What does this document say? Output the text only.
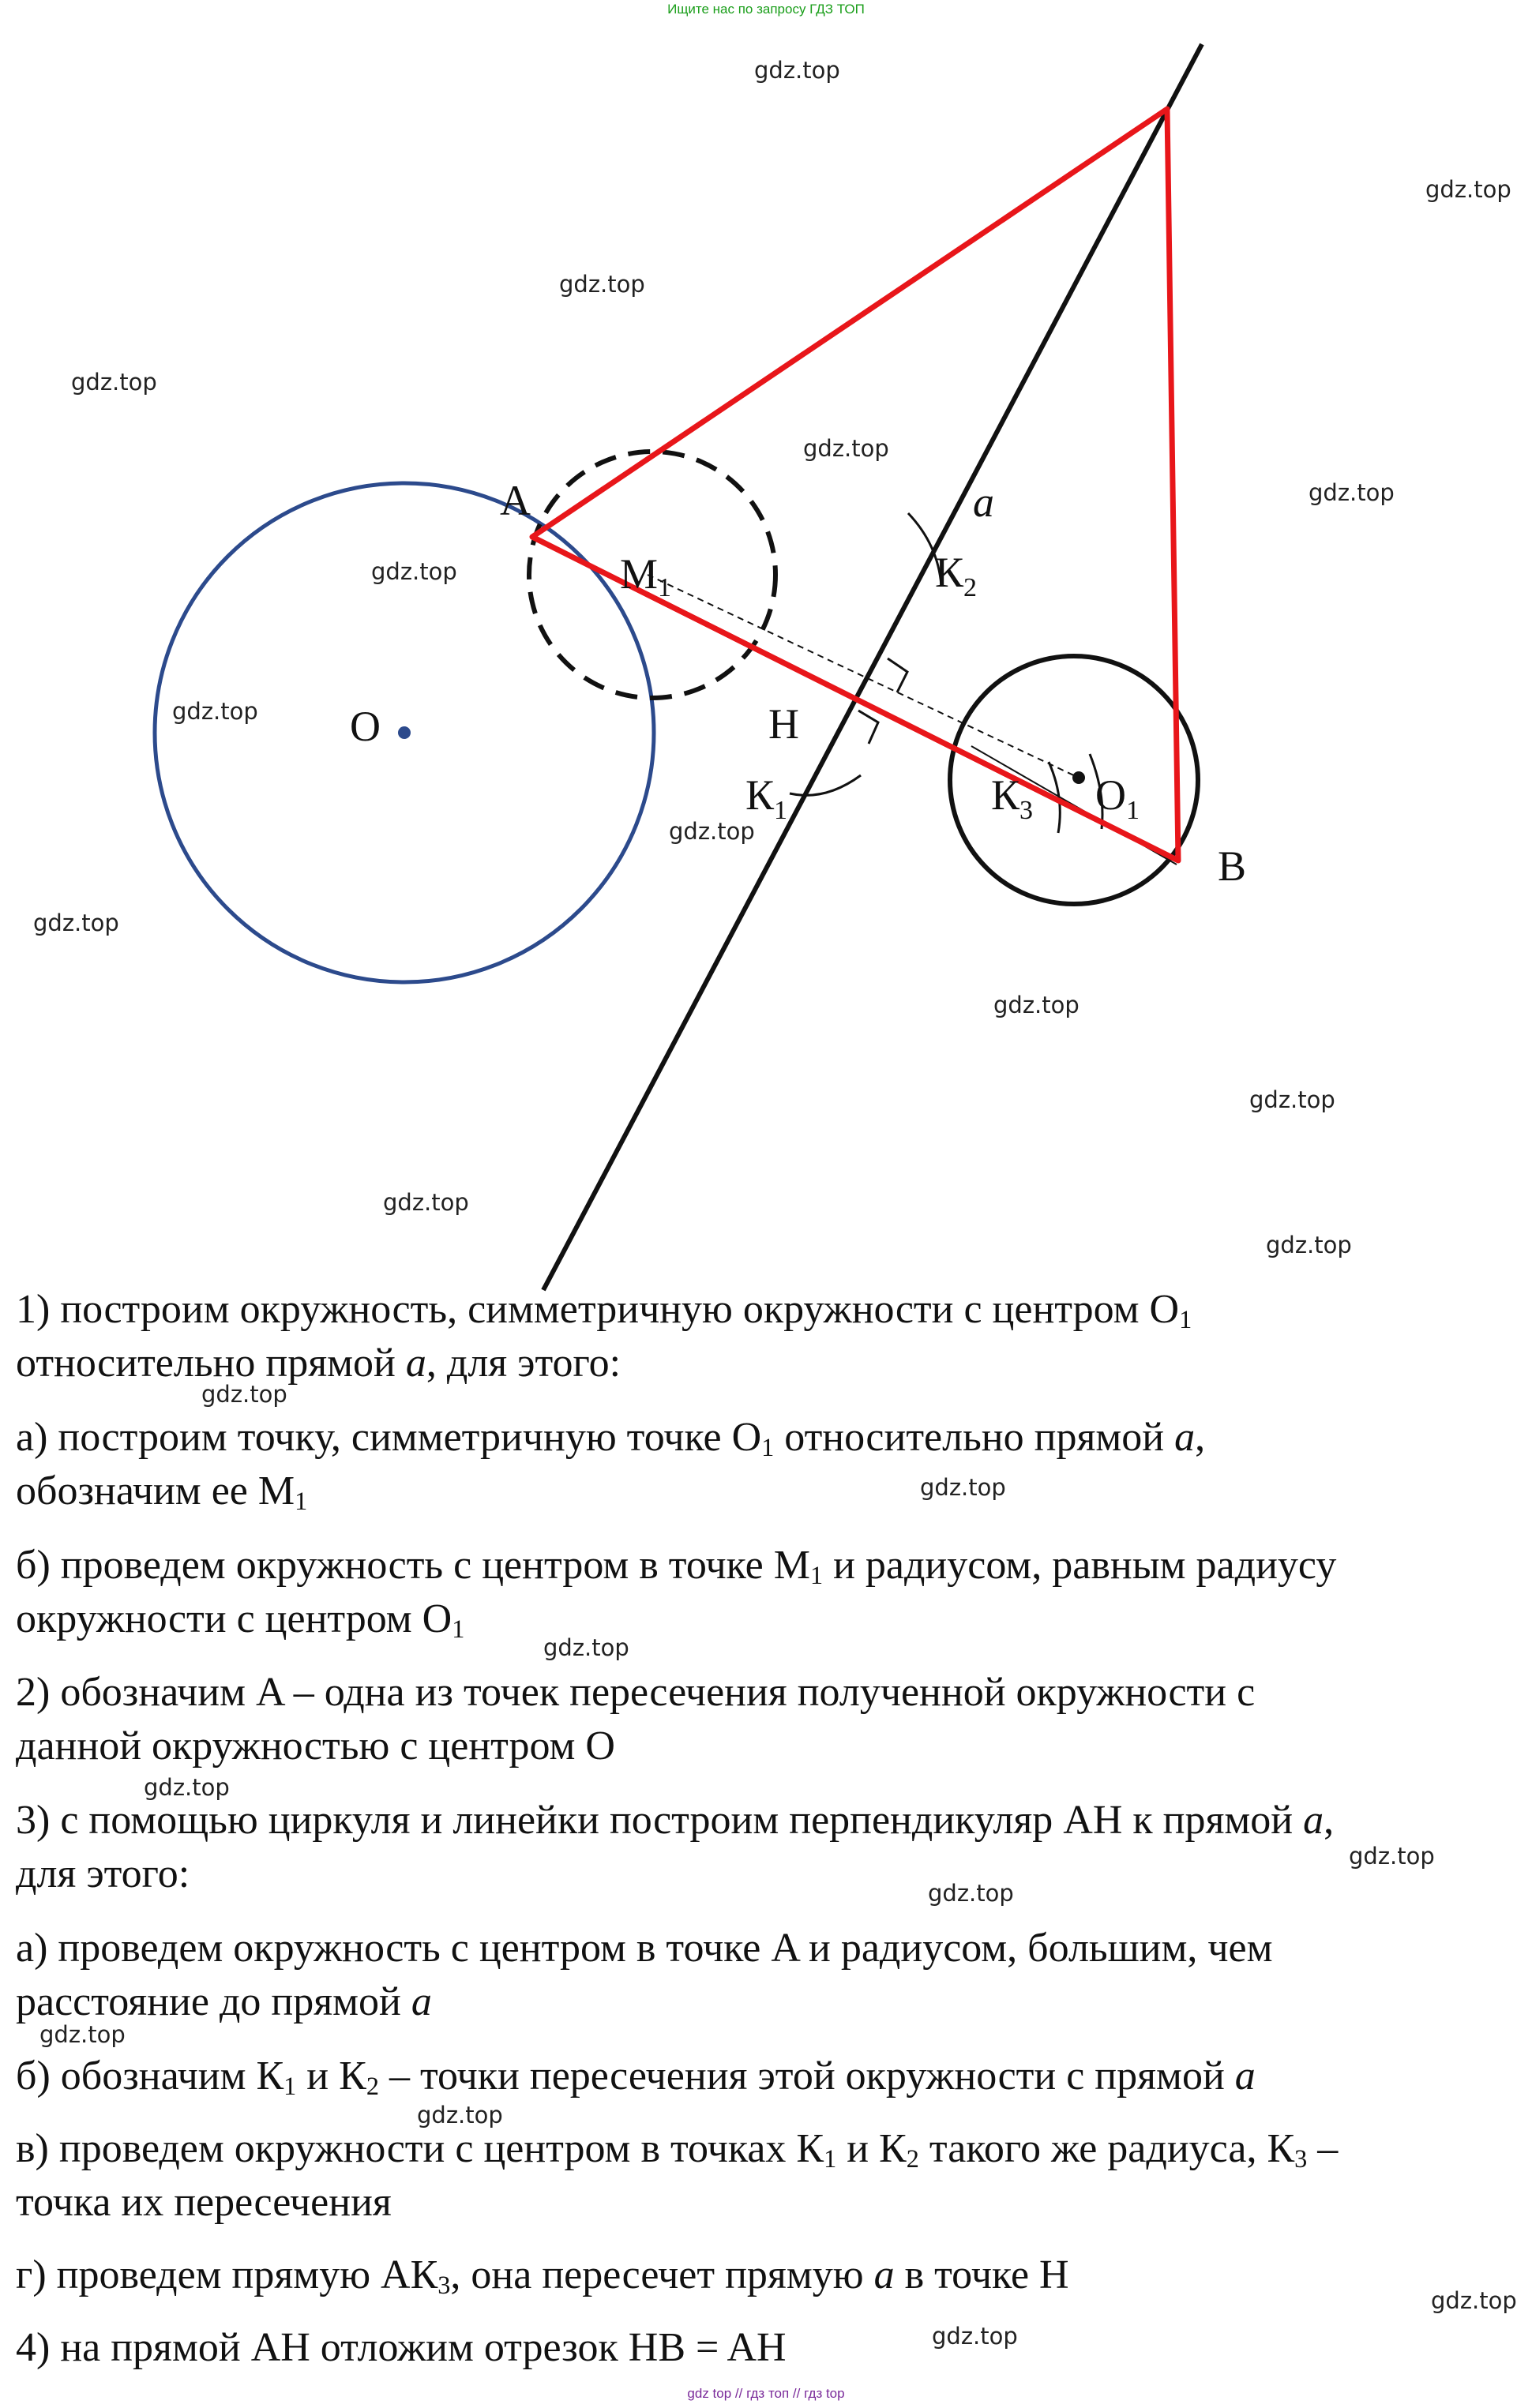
Ищите нас по запросу ГДЗ ТОП
A
M1
a
$К_2$
O	H
$К_1$	$К_3$ $O_1$
B
gdz.top
gdz.top
gdz.top
gdz.top
gdz.top
gdz.top
gdz.top
gdz.top
gdz.top
gdz.top
gdz.top
gdz.top
gdz.top
gdz.top

1) построим окружность, симметричную окружности с центром $O_1$
относительно прямой a, для этого:

а) построим точку, симметричную точке $O_1$ относительно прямой a,
обозначим ее $M_1$

б) проведем окружность с центром в точке $M_1$ и радиусом, равным радиусу
окружности с центром $O_1$

2) обозначим A – одна из точек пересечения полученной окружности с
данной окружностью с центром O

3) с помощью циркуля и линейки построим перпендикуляр AH к прямой a,
для этого:

а) проведем окружность с центром в точке A и радиусом, большим, чем
расстояние до прямой a

б) обозначим $К_1$ и $К_2$ – точки пересечения этой окружности с прямой a

в) проведем окружности с центром в точках $К_1$ и $К_2$ такого же радиуса, $К_3$ –
точка их пересечения

г) проведем прямую $AК_3$, она пересечет прямую a в точке H

4) на прямой AH отложим отрезок HB = AH

gdz.top
gdz.top
gdz.top
gdz.top
gdz.top
gdz.top
gdz.top
gdz.top
gdz.top
gdz.top
gdz top // гдз топ // гдз top
